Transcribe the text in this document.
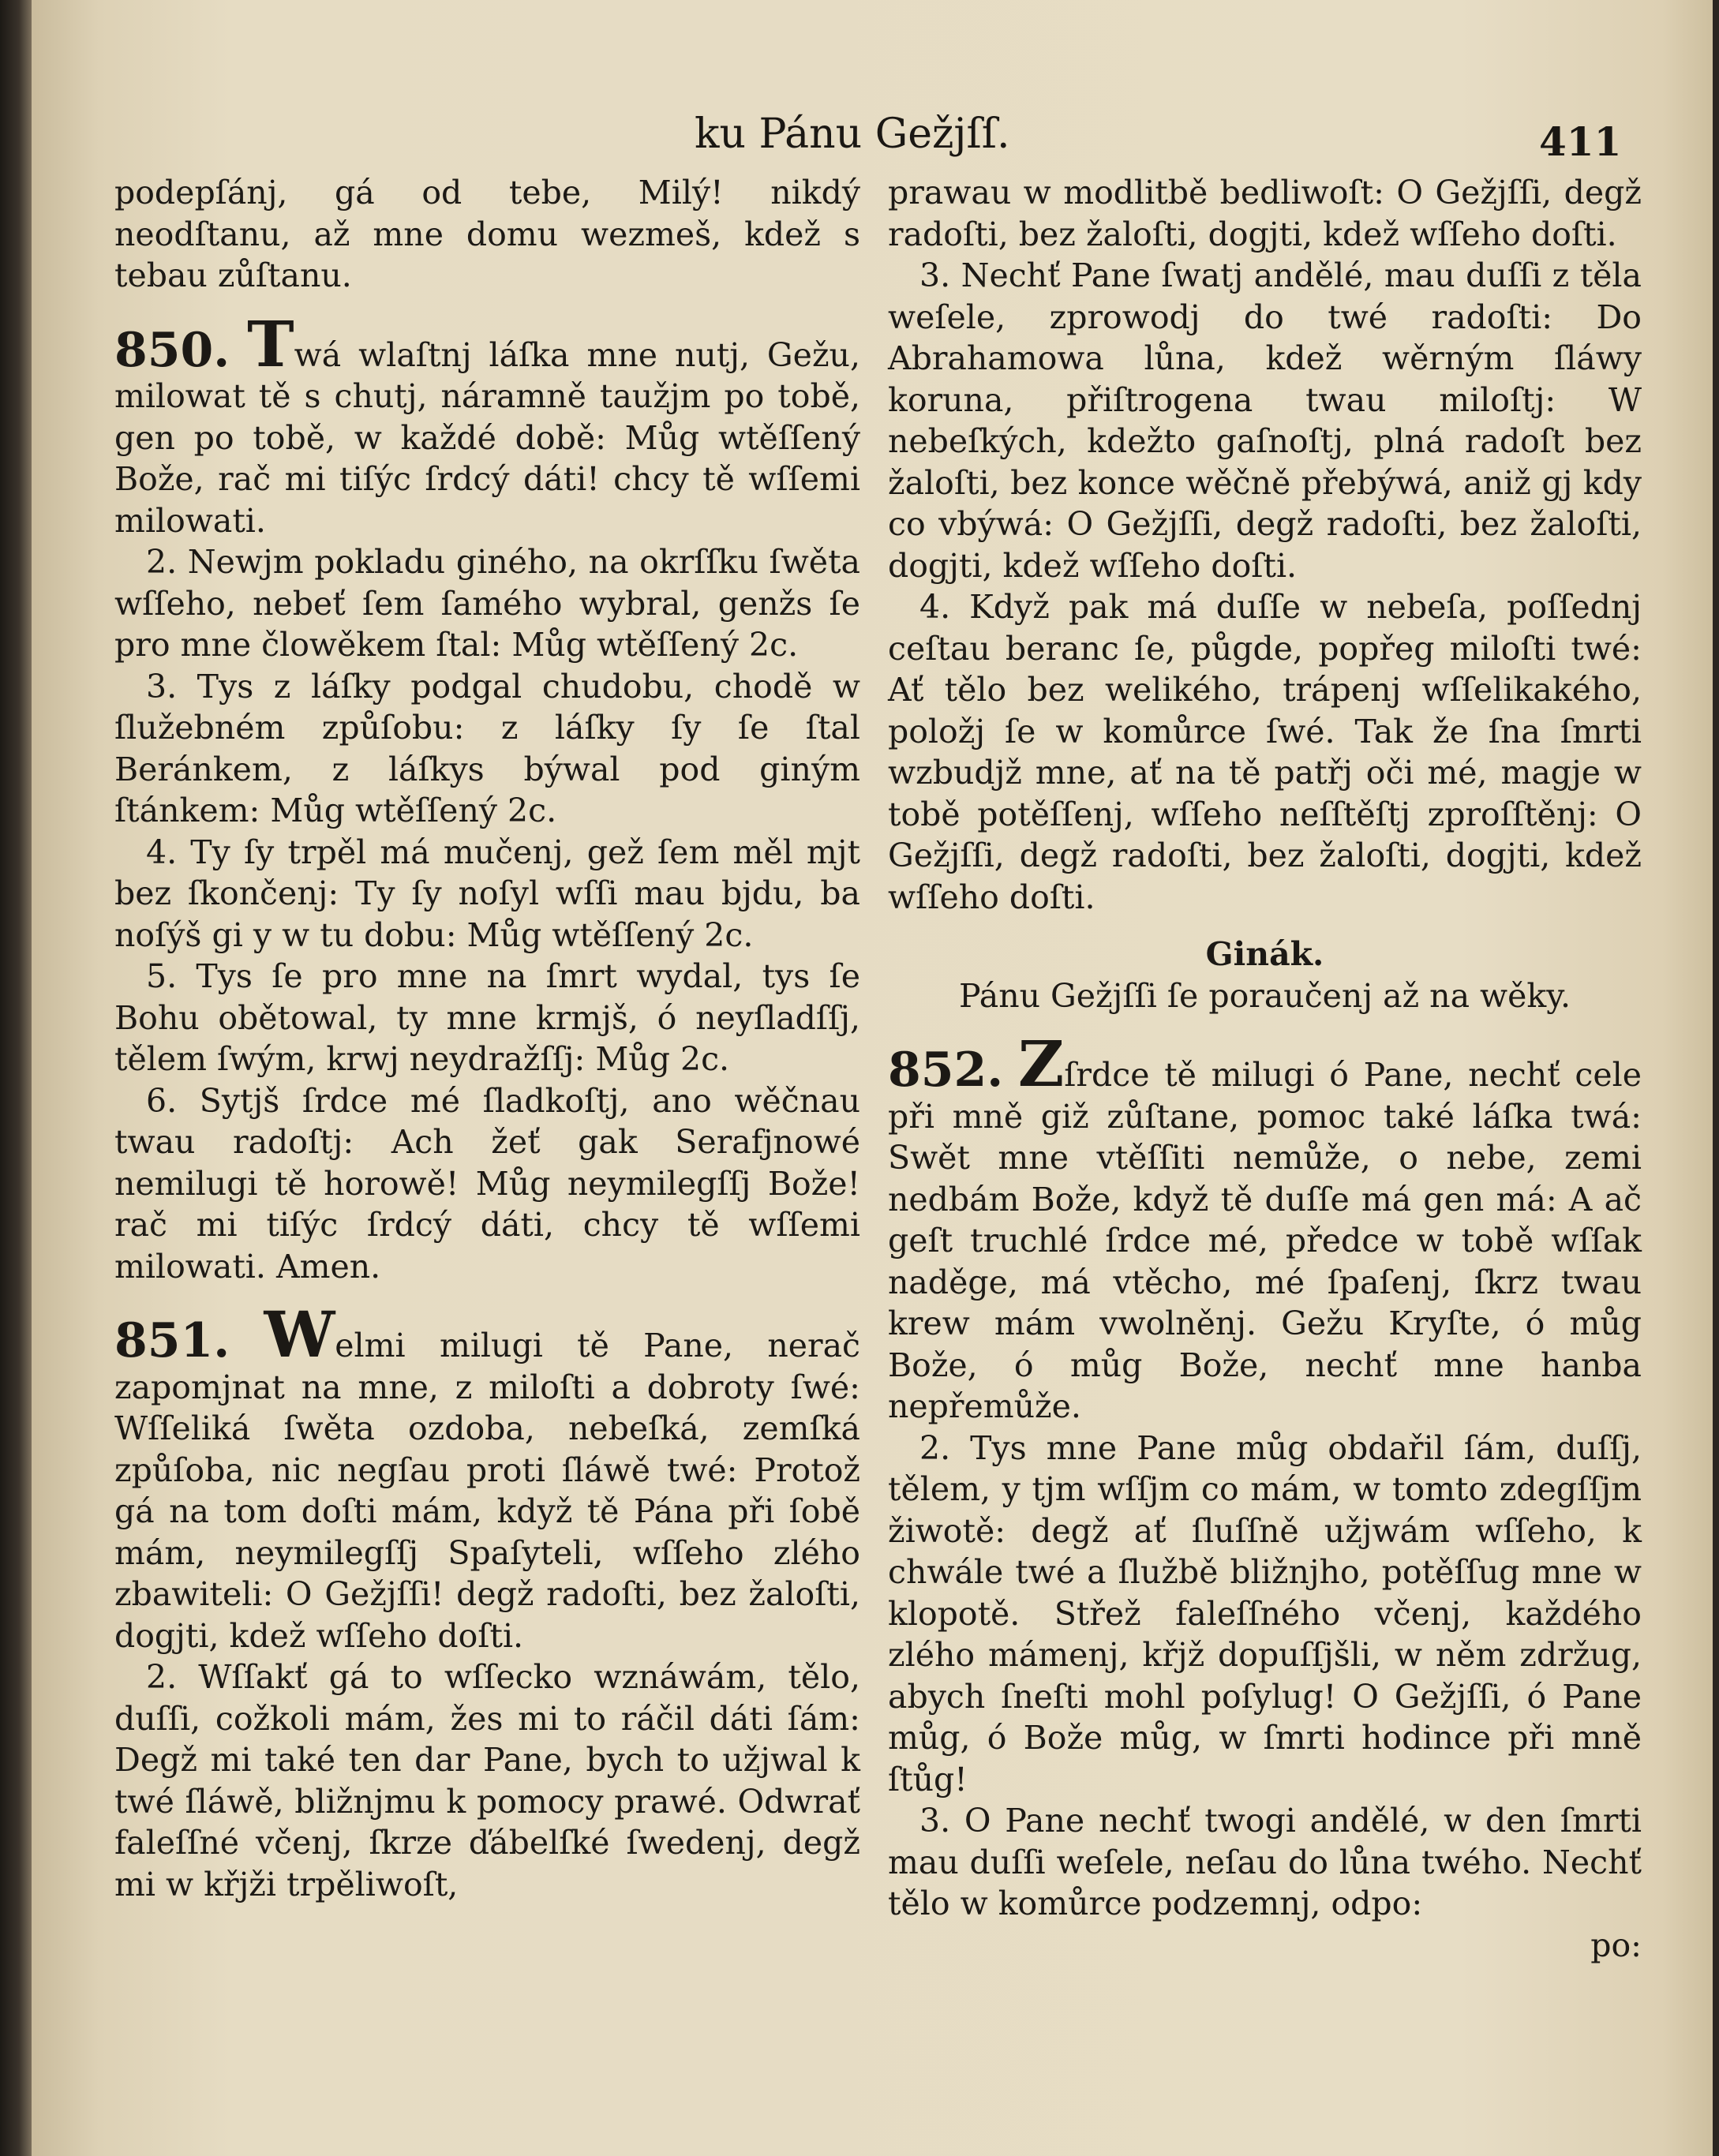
ku Pánu Gežjſſ.	411

podepſánj, gá od tebe, Milý! nikdý neodſtanu, až mne domu wezmeš, kdež s tebau zůſtanu.

850. Twá wlaſtnj láſka mne nutj, Gežu, milowat tě s chutj, náramně taužjm po tobě, gen po tobě, w každé době: Můg wtěſſený Bože, rač mi tiſýc ſrdcý dáti! chcy tě wſſemi milowati.

2. Newjm pokladu giného, na okrſſku ſwěta wſſeho, nebeť ſem ſamého wybral, genžs ſe pro mne člowěkem ſtal: Můg wtěſſený 2c.

3. Tys z láſky podgal chudobu, chodě w ſlužebném způſobu: z láſky ſy ſe ſtal Beránkem, z láſkys býwal pod giným ſtánkem: Můg wtěſſený 2c.

4. Ty ſy trpěl má mučenj, gež ſem měl mjt bez ſkončenj: Ty ſy noſyl wſſi mau bjdu, ba noſýš gi y w tu dobu: Můg wtěſſený 2c.

5. Tys ſe pro mne na ſmrt wydal, tys ſe Bohu obětowal, ty mne krmjš, ó neyſladſſj, tělem ſwým, krwj neydražſſj: Můg 2c.

6. Sytjš ſrdce mé ſladkoſtj, ano wěčnau twau radoſtj: Ach žeť gak Serafjnowé nemilugi tě horowě! Můg neymilegſſj Bože! rač mi tiſýc ſrdcý dáti, chcy tě wſſemi milowati. Amen.

851. Welmi milugi tě Pane, nerač zapomjnat na mne, z miloſti a dobroty ſwé: Wſſeliká ſwěta ozdoba, nebeſká, zemſká způſoba, nic negſau proti ſláwě twé: Protož gá na tom doſti mám, když tě Pána při ſobě mám, neymilegſſj Spaſyteli, wſſeho zlého zbawiteli: O Gežjſſi! degž radoſti, bez žaloſti, dogjti, kdež wſſeho doſti.

2. Wſſakť gá to wſſecko wznáwám, tělo, duſſi, cožkoli mám, žes mi to ráčil dáti ſám: Degž mi také ten dar Pane, bych to užjwal k twé ſláwě, bližnjmu k pomocy prawé. Odwrať faleſſné včenj, ſkrze ďábelſké ſwedenj, degž mi w křjži trpěliwoſt,

prawau w modlitbě bedliwoſt: O Gežjſſi, degž radoſti, bez žaloſti, dogjti, kdež wſſeho doſti.

3. Nechť Pane ſwatj andělé, mau duſſi z těla weſele, zprowodj do twé radoſti: Do Abrahamowa lůna, kdež wěrným ſláwy koruna, přiſtrogena twau miloſtj: W nebeſkých, kdežto gaſnoſtj, plná radoſt bez žaloſti, bez konce wěčně přebýwá, aniž gj kdy co vbýwá: O Gežjſſi, degž radoſti, bez žaloſti, dogjti, kdež wſſeho doſti.

4. Když pak má duſſe w nebeſa, poſſednj ceſtau beranc ſe, půgde, popřeg miloſti twé: Ať tělo bez welikého, trápenj wſſelikakého, položj ſe w komůrce ſwé. Tak že ſna ſmrti wzbudjž mne, ať na tě patřj oči mé, magje w tobě potěſſenj, wſſeho neſſtěſtj zproſſtěnj: O Gežjſſi, degž radoſti, bez žaloſti, dogjti, kdež wſſeho doſti.

Ginák.

Pánu Gežjſſi ſe poraučenj až na wěky.

852. Zſrdce tě milugi ó Pane, nechť cele při mně giž zůſtane, pomoc také láſka twá: Swět mne vtěſſiti nemůže, o nebe, zemi nedbám Bože, když tě duſſe má gen má: A ač geſt truchlé ſrdce mé, předce w tobě wſſak naděge, má vtěcho, mé ſpaſenj, ſkrz twau krew mám vwolněnj. Gežu Kryſte, ó můg Bože, ó můg Bože, nechť mne hanba nepřemůže.

2. Tys mne Pane můg obdařil ſám, duſſj, tělem, y tjm wſſjm co mám, w tomto zdegſſjm žiwotě: degž ať ſluſſně užjwám wſſeho, k chwále twé a ſlužbě bližnjho, potěſſug mne w klopotě. Střež faleſſného včenj, každého zlého mámenj, křjž dopuſſjšli, w něm zdržug, abych ſneſti mohl poſylug! O Gežjſſi, ó Pane můg, ó Bože můg, w ſmrti hodince při mně ſtůg!

3. O Pane nechť twogi andělé, w den ſmrti mau duſſi weſele, neſau do lůna twého. Nechť tělo w komůrce podzemnj, odpo:

po:
